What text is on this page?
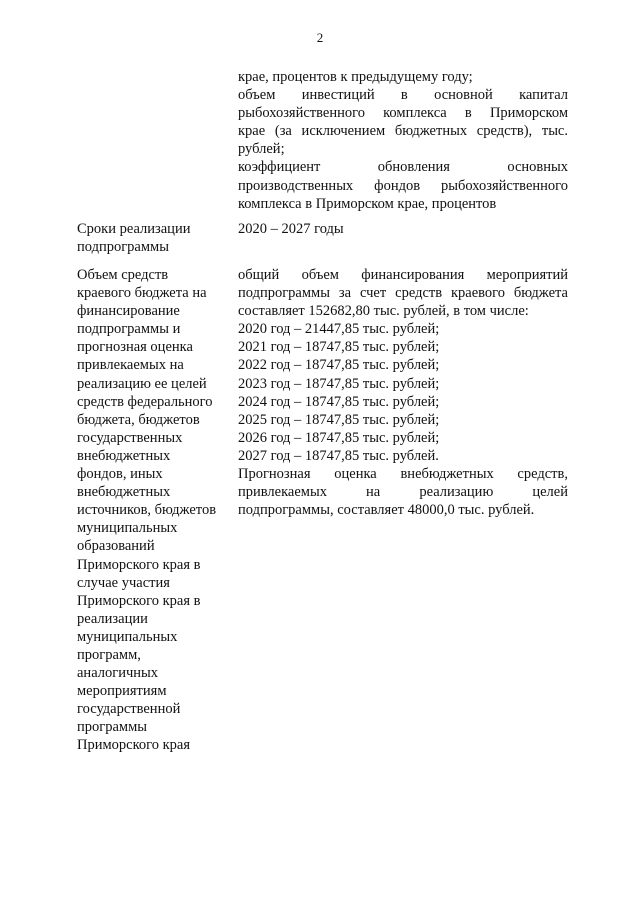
2
крае, процентов к предыдущему году;
объем инвестиций в основной капитал
рыбохозяйственного комплекса в Приморском
крае (за исключением бюджетных средств), тыс.
рублей;
коэффициент обновления основных
производственных фондов рыбохозяйственного
комплекса в Приморском крае, процентов
Сроки реализации
подпрограммы
2020 – 2027 годы
Объем средств
краевого бюджета на
финансирование
подпрограммы и
прогнозная оценка
привлекаемых на
реализацию ее целей
средств федерального
бюджета, бюджетов
государственных
внебюджетных
фондов, иных
внебюджетных
источников, бюджетов
муниципальных
образований
Приморского края в
случае участия
Приморского края в
реализации
муниципальных
программ,
аналогичных
мероприятиям
государственной
программы
Приморского края
общий объем финансирования мероприятий
подпрограммы за счет средств краевого бюджета
составляет 152682,80 тыс. рублей, в том числе:
2020 год – 21447,85 тыс. рублей;
2021 год – 18747,85 тыс. рублей;
2022 год – 18747,85 тыс. рублей;
2023 год – 18747,85 тыс. рублей;
2024 год – 18747,85 тыс. рублей;
2025 год – 18747,85 тыс. рублей;
2026 год – 18747,85 тыс. рублей;
2027 год – 18747,85 тыс. рублей.
Прогнозная оценка внебюджетных средств,
привлекаемых на реализацию целей
подпрограммы, составляет 48000,0 тыс. рублей.
